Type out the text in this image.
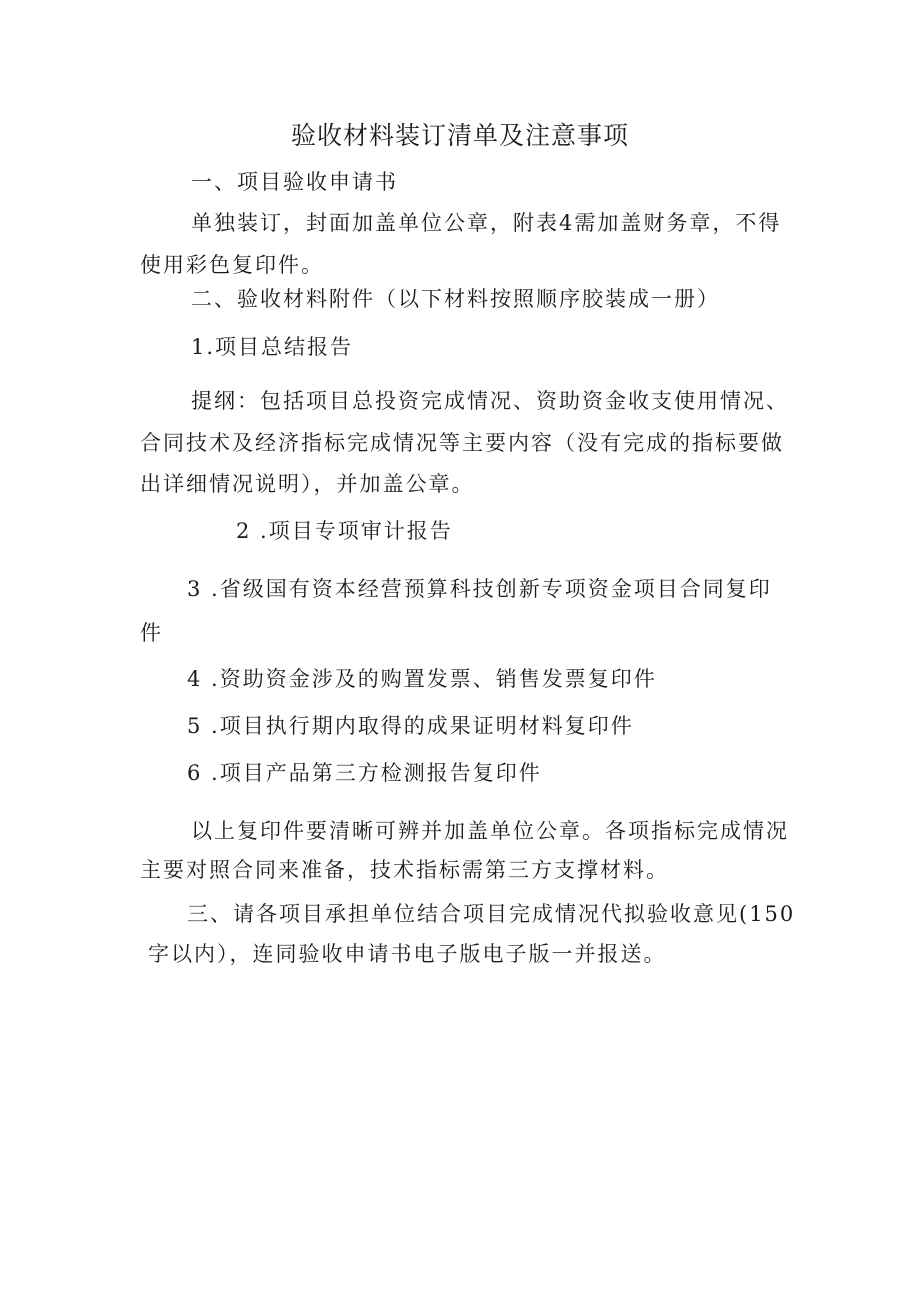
验收材料装订清单及注意事项

一、项目验收申请书

单独装订，封面加盖单位公章，附表4需加盖财务章，不得

使用彩色复印件。

二、验收材料附件（以下材料按照顺序胶装成一册）

1.项目总结报告

提纲：包括项目总投资完成情况、资助资金收支使用情况、

合同技术及经济指标完成情况等主要内容（没有完成的指标要做

出详细情况说明），并加盖公章。

2 .项目专项审计报告

3 .省级国有资本经营预算科技创新专项资金项目合同复印

件

4 .资助资金涉及的购置发票、销售发票复印件

5 .项目执行期内取得的成果证明材料复印件

6 .项目产品第三方检测报告复印件

以上复印件要清晰可辨并加盖单位公章。各项指标完成情况

主要对照合同来准备，技术指标需第三方支撑材料。

三、请各项目承担单位结合项目完成情况代拟验收意见(150

字以内），连同验收申请书电子版电子版一并报送。
